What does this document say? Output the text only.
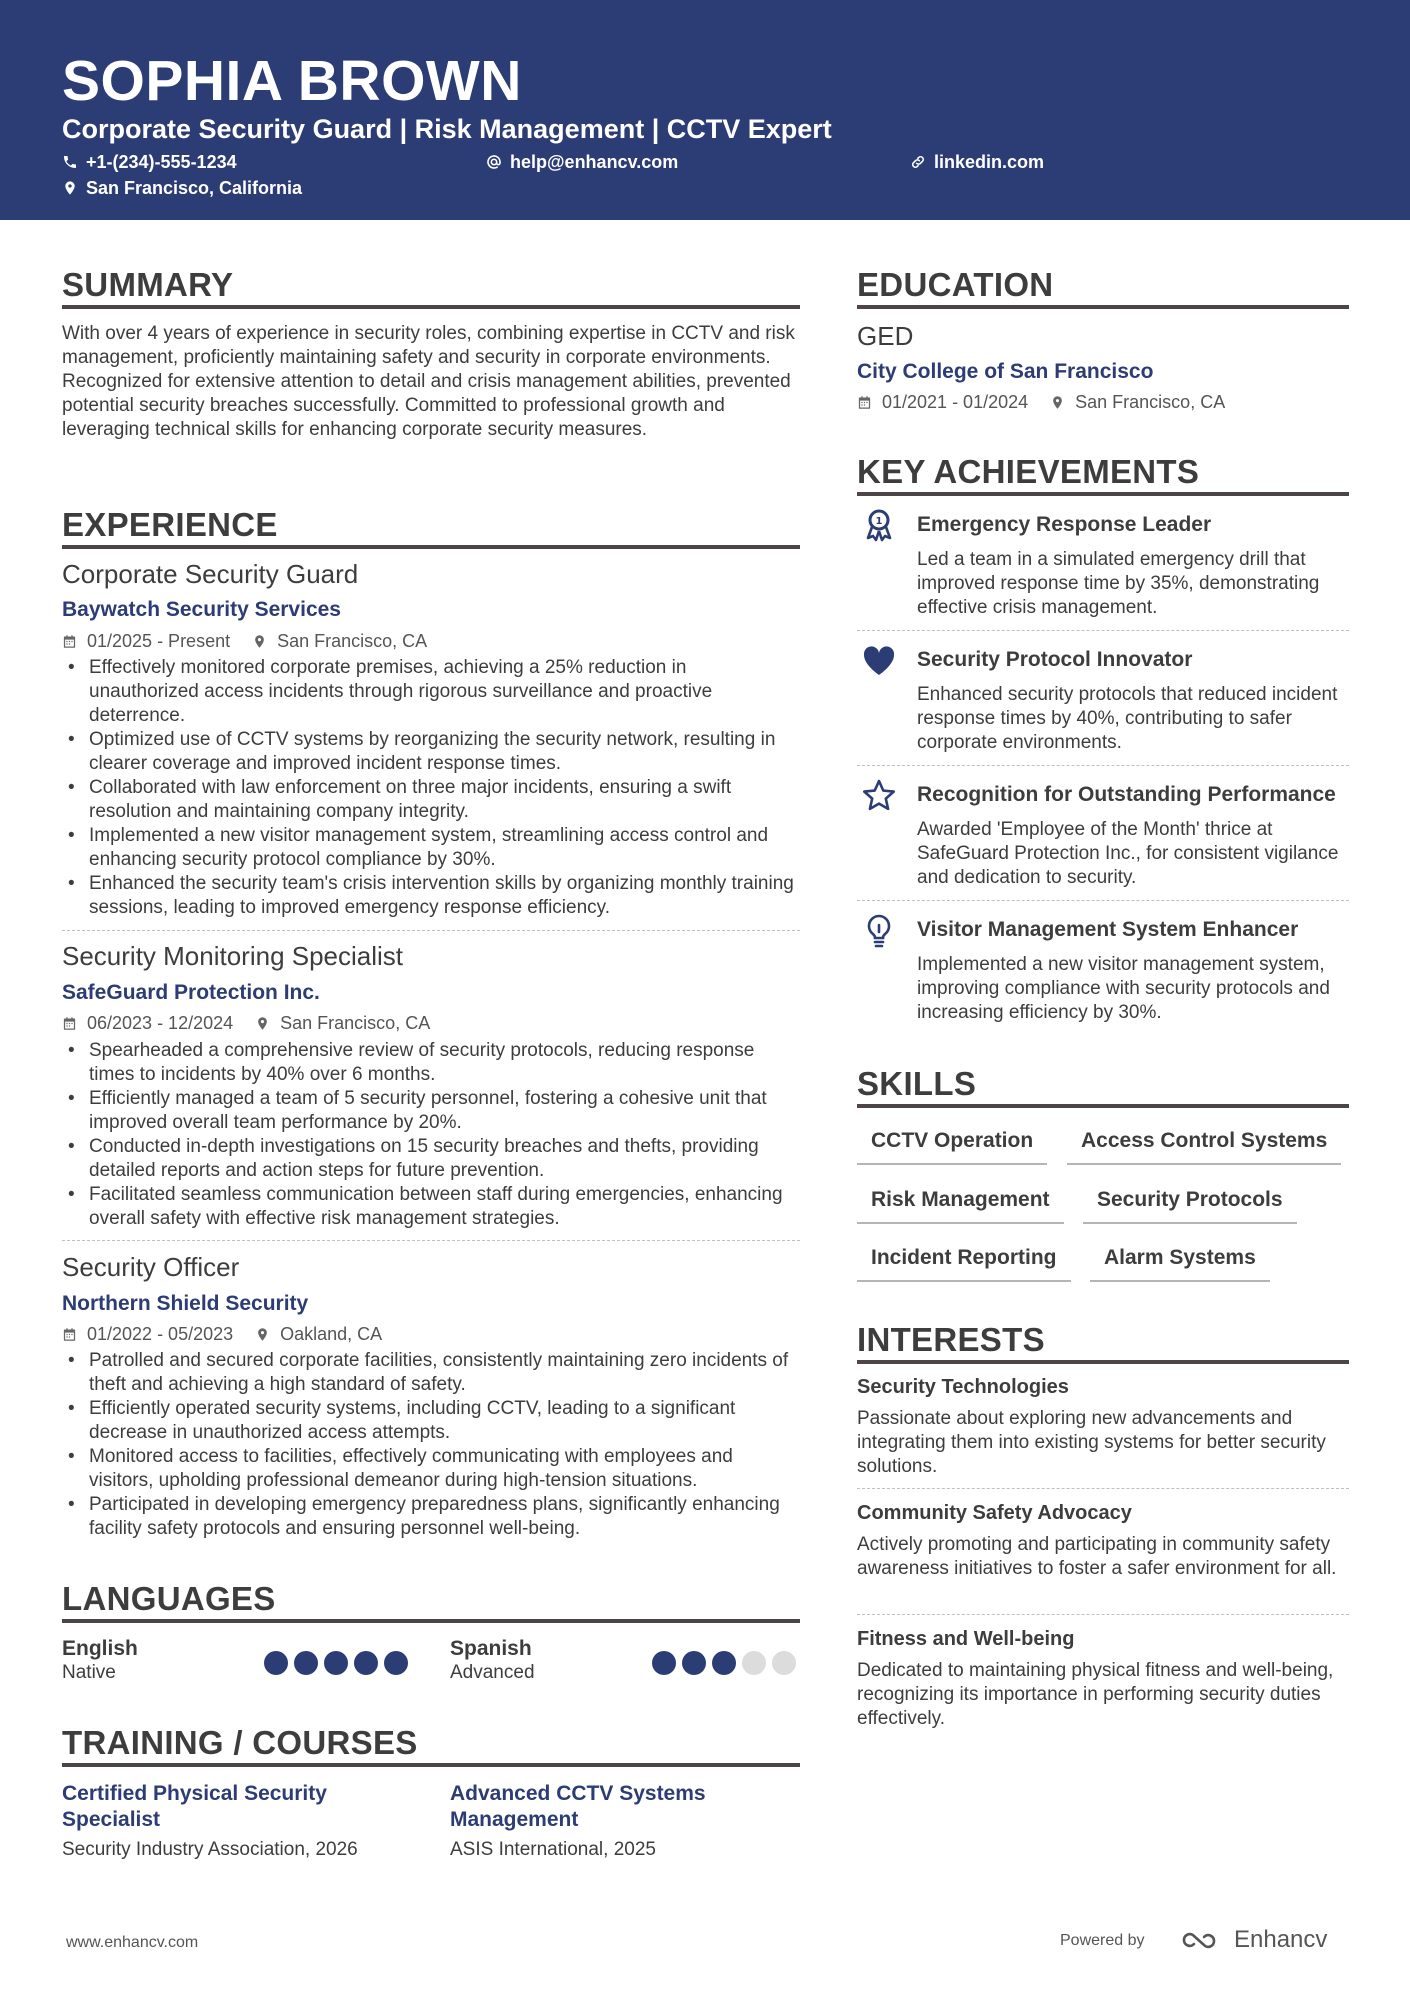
SOPHIA BROWN
Corporate Security Guard | Risk Management | CCTV Expert
+1-(234)-555-1234	help@enhancv.com	linkedin.com
San Francisco, California
SUMMARY
With over 4 years of experience in security roles, combining expertise in CCTV and risk management, proficiently maintaining safety and security in corporate environments. Recognized for extensive attention to detail and crisis management abilities, prevented potential security breaches successfully. Committed to professional growth and leveraging technical skills for enhancing corporate security measures.
EXPERIENCE
Corporate Security Guard
Baywatch Security Services
01/2025 - Present	San Francisco, CA
• Effectively monitored corporate premises, achieving a 25% reduction in unauthorized access incidents through rigorous surveillance and proactive deterrence.
• Optimized use of CCTV systems by reorganizing the security network, resulting in clearer coverage and improved incident response times.
• Collaborated with law enforcement on three major incidents, ensuring a swift resolution and maintaining company integrity.
• Implemented a new visitor management system, streamlining access control and enhancing security protocol compliance by 30%.
• Enhanced the security team's crisis intervention skills by organizing monthly training sessions, leading to improved emergency response efficiency.
Security Monitoring Specialist
SafeGuard Protection Inc.
06/2023 - 12/2024	San Francisco, CA
• Spearheaded a comprehensive review of security protocols, reducing response times to incidents by 40% over 6 months.
• Efficiently managed a team of 5 security personnel, fostering a cohesive unit that improved overall team performance by 20%.
• Conducted in-depth investigations on 15 security breaches and thefts, providing detailed reports and action steps for future prevention.
• Facilitated seamless communication between staff during emergencies, enhancing overall safety with effective risk management strategies.
Security Officer
Northern Shield Security
01/2022 - 05/2023	Oakland, CA
• Patrolled and secured corporate facilities, consistently maintaining zero incidents of theft and achieving a high standard of safety.
• Efficiently operated security systems, including CCTV, leading to a significant decrease in unauthorized access attempts.
• Monitored access to facilities, effectively communicating with employees and visitors, upholding professional demeanor during high-tension situations.
• Participated in developing emergency preparedness plans, significantly enhancing facility safety protocols and ensuring personnel well-being.
LANGUAGES
English
Native
Spanish
Advanced
TRAINING / COURSES
Certified Physical Security Specialist
Security Industry Association, 2026
Advanced CCTV Systems Management
ASIS International, 2025
EDUCATION
GED
City College of San Francisco
01/2021 - 01/2024	San Francisco, CA
KEY ACHIEVEMENTS
1 Emergency Response Leader
Led a team in a simulated emergency drill that improved response time by 35%, demonstrating effective crisis management.
Security Protocol Innovator
Enhanced security protocols that reduced incident response times by 40%, contributing to safer corporate environments.
Recognition for Outstanding Performance
Awarded 'Employee of the Month' thrice at SafeGuard Protection Inc., for consistent vigilance and dedication to security.
Visitor Management System Enhancer
Implemented a new visitor management system, improving compliance with security protocols and increasing efficiency by 30%.
SKILLS
CCTV Operation	Access Control Systems
Risk Management	Security Protocols
Incident Reporting	Alarm Systems
INTERESTS
Security Technologies
Passionate about exploring new advancements and integrating them into existing systems for better security solutions.
Community Safety Advocacy
Actively promoting and participating in community safety awareness initiatives to foster a safer environment for all.
Fitness and Well-being
Dedicated to maintaining physical fitness and well-being, recognizing its importance in performing security duties effectively.
www.enhancv.com	Powered by	Enhancv
